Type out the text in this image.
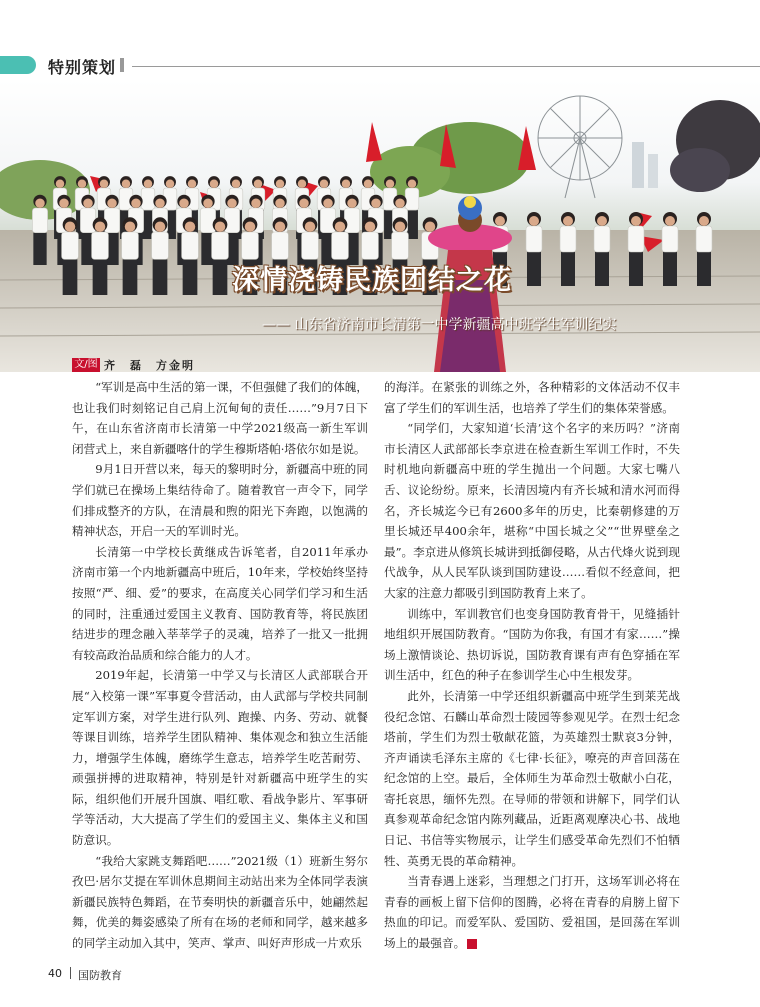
特别策划
深情浇铸民族团结之花
—— 山东省济南市长清第一中学新疆高中班学生军训纪实
文/图 齐　磊　方金明

“军训是高中生活的第一课，不但强健了我们的体魄，也让我们时刻铭记自己肩上沉甸甸的责任……”9月7日下午，在山东省济南市长清第一中学2021级高一新生军训闭营式上，来自新疆喀什的学生穆斯塔帕·塔依尔如是说。

9月1日开营以来，每天的黎明时分，新疆高中班的同学们就已在操场上集结待命了。随着教官一声令下，同学们排成整齐的方队，在清晨和煦的阳光下奔跑，以饱满的精神状态，开启一天的军训时光。

长清第一中学校长黄继成告诉笔者，自2011年承办济南市第一个内地新疆高中班后，10年来，学校始终坚持按照“严、细、爱”的要求，在高度关心同学们学习和生活的同时，注重通过爱国主义教育、国防教育等，将民族团结进步的理念融入莘莘学子的灵魂，培养了一批又一批拥有较高政治品质和综合能力的人才。

2019年起，长清第一中学又与长清区人武部联合开展“入校第一课”军事夏令营活动，由人武部与学校共同制定军训方案，对学生进行队列、跑操、内务、劳动、就餐等课目训练，培养学生团队精神、集体观念和独立生活能力，增强学生体魄，磨练学生意志，培养学生吃苦耐劳、顽强拼搏的进取精神，特别是针对新疆高中班学生的实际，组织他们开展升国旗、唱红歌、看战争影片、军事研学等活动，大大提高了学生们的爱国主义、集体主义和国防意识。

“我给大家跳支舞蹈吧……”2021级（1）班新生努尔孜巴·居尔艾提在军训休息期间主动站出来为全体同学表演新疆民族特色舞蹈，在节奏明快的新疆音乐中，她翩然起舞，优美的舞姿感染了所有在场的老师和同学，越来越多的同学主动加入其中，笑声、掌声、叫好声形成一片欢乐

的海洋。在紧张的训练之外，各种精彩的文体活动不仅丰富了学生们的军训生活，也培养了学生们的集体荣誉感。

“同学们，大家知道‘长清’这个名字的来历吗？”济南市长清区人武部部长李京进在检查新生军训工作时，不失时机地向新疆高中班的学生抛出一个问题。大家七嘴八舌、议论纷纷。原来，长清因境内有齐长城和清水河而得名，齐长城迄今已有2600多年的历史，比秦朝修建的万里长城还早400余年，堪称“中国长城之父”“世界壁垒之最”。李京进从修筑长城讲到抵御侵略，从古代烽火说到现代战争，从人民军队谈到国防建设……看似不经意间，把大家的注意力都吸引到国防教育上来了。

训练中，军训教官们也变身国防教育骨干，见缝插针地组织开展国防教育。“国防为你我，有国才有家……”操场上激情谈论、热切诉说，国防教育课有声有色穿插在军训生活中，红色的种子在参训学生心中生根发芽。

此外，长清第一中学还组织新疆高中班学生到莱芜战役纪念馆、石麟山革命烈士陵园等参观见学。在烈士纪念塔前，学生们为烈士敬献花篮，为英雄烈士默哀3分钟，齐声诵读毛泽东主席的《七律·长征》，嘹亮的声音回荡在纪念馆的上空。最后，全体师生为革命烈士敬献小白花，寄托哀思，缅怀先烈。在导师的带领和讲解下，同学们认真参观革命纪念馆内陈列藏品，近距离观摩决心书、战地日记、书信等实物展示，让学生们感受革命先烈们不怕牺牲、英勇无畏的革命精神。

当青春遇上迷彩，当理想之门打开，这场军训必将在青春的画板上留下信仰的图腾，必将在青春的肩膀上留下热血的印记。而爱军队、爱国防、爱祖国，是回荡在军训场上的最强音。	G

40 国防教育
